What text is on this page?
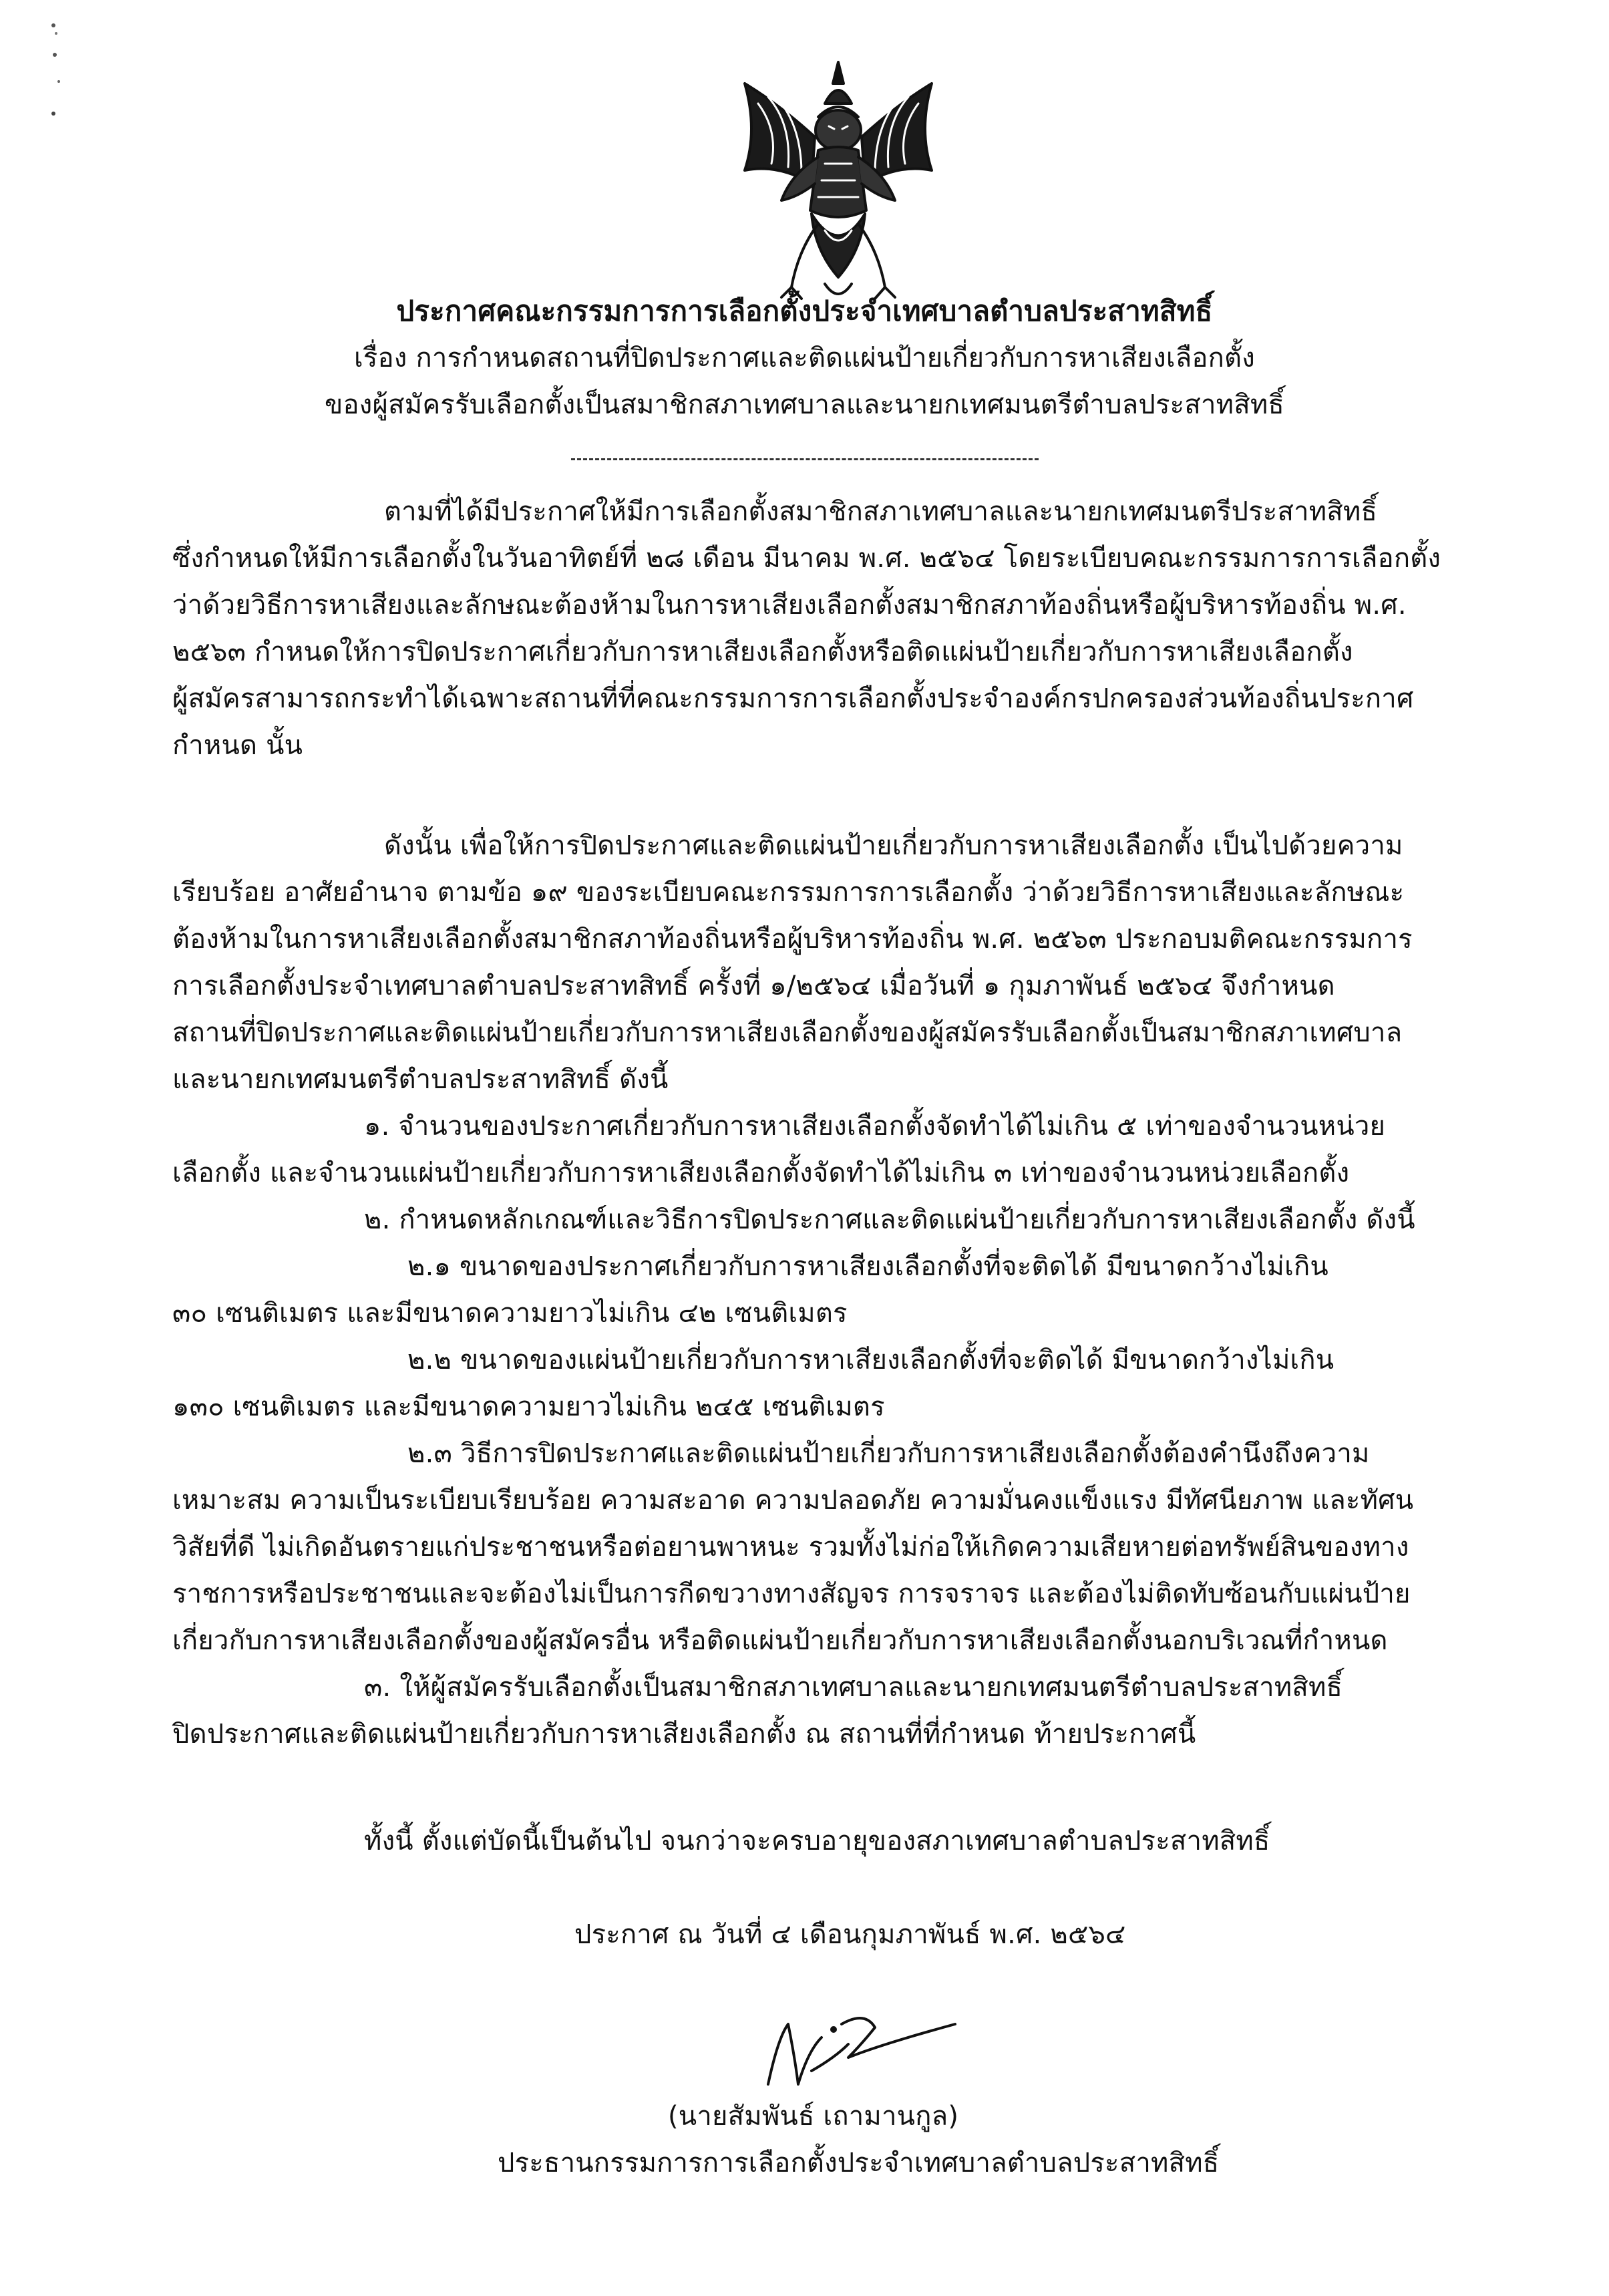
ประกาศคณะกรรมการการเลือกตั้งประจำเทศบาลตำบลประสาทสิทธิ์
เรื่อง การกำหนดสถานที่ปิดประกาศและติดแผ่นป้ายเกี่ยวกับการหาเสียงเลือกตั้ง
ของผู้สมัครรับเลือกตั้งเป็นสมาชิกสภาเทศบาลและนายกเทศมนตรีตำบลประสาทสิทธิ์
ตามที่ได้มีประกาศให้มีการเลือกตั้งสมาชิกสภาเทศบาลและนายกเทศมนตรีประสาทสิทธิ์
ซึ่งกำหนดให้มีการเลือกตั้งในวันอาทิตย์ที่ ๒๘ เดือน มีนาคม พ.ศ. ๒๕๖๔ โดยระเบียบคณะกรรมการการเลือกตั้ง
ว่าด้วยวิธีการหาเสียงและลักษณะต้องห้ามในการหาเสียงเลือกตั้งสมาชิกสภาท้องถิ่นหรือผู้บริหารท้องถิ่น พ.ศ.
๒๕๖๓ กำหนดให้การปิดประกาศเกี่ยวกับการหาเสียงเลือกตั้งหรือติดแผ่นป้ายเกี่ยวกับการหาเสียงเลือกตั้ง
ผู้สมัครสามารถกระทำได้เฉพาะสถานที่ที่คณะกรรมการการเลือกตั้งประจำองค์กรปกครองส่วนท้องถิ่นประกาศ
กำหนด นั้น
ดังนั้น เพื่อให้การปิดประกาศและติดแผ่นป้ายเกี่ยวกับการหาเสียงเลือกตั้ง เป็นไปด้วยความ
เรียบร้อย อาศัยอำนาจ ตามข้อ ๑๙ ของระเบียบคณะกรรมการการเลือกตั้ง ว่าด้วยวิธีการหาเสียงและลักษณะ
ต้องห้ามในการหาเสียงเลือกตั้งสมาชิกสภาท้องถิ่นหรือผู้บริหารท้องถิ่น พ.ศ. ๒๕๖๓ ประกอบมติคณะกรรมการ
การเลือกตั้งประจำเทศบาลตำบลประสาทสิทธิ์ ครั้งที่ ๑/๒๕๖๔ เมื่อวันที่ ๑ กุมภาพันธ์ ๒๕๖๔ จึงกำหนด
สถานที่ปิดประกาศและติดแผ่นป้ายเกี่ยวกับการหาเสียงเลือกตั้งของผู้สมัครรับเลือกตั้งเป็นสมาชิกสภาเทศบาล
และนายกเทศมนตรีตำบลประสาทสิทธิ์ ดังนี้
๑. จำนวนของประกาศเกี่ยวกับการหาเสียงเลือกตั้งจัดทำได้ไม่เกิน ๕ เท่าของจำนวนหน่วย
เลือกตั้ง และจำนวนแผ่นป้ายเกี่ยวกับการหาเสียงเลือกตั้งจัดทำได้ไม่เกิน ๓ เท่าของจำนวนหน่วยเลือกตั้ง
๒. กำหนดหลักเกณฑ์และวิธีการปิดประกาศและติดแผ่นป้ายเกี่ยวกับการหาเสียงเลือกตั้ง ดังนี้
๒.๑ ขนาดของประกาศเกี่ยวกับการหาเสียงเลือกตั้งที่จะติดได้ มีขนาดกว้างไม่เกิน
๓๐ เซนติเมตร และมีขนาดความยาวไม่เกิน ๔๒ เซนติเมตร
๒.๒ ขนาดของแผ่นป้ายเกี่ยวกับการหาเสียงเลือกตั้งที่จะติดได้ มีขนาดกว้างไม่เกิน
๑๓๐ เซนติเมตร และมีขนาดความยาวไม่เกิน ๒๔๕ เซนติเมตร
๒.๓ วิธีการปิดประกาศและติดแผ่นป้ายเกี่ยวกับการหาเสียงเลือกตั้งต้องคำนึงถึงความ
เหมาะสม ความเป็นระเบียบเรียบร้อย ความสะอาด ความปลอดภัย ความมั่นคงแข็งแรง มีทัศนียภาพ และทัศน
วิสัยที่ดี ไม่เกิดอันตรายแก่ประชาชนหรือต่อยานพาหนะ รวมทั้งไม่ก่อให้เกิดความเสียหายต่อทรัพย์สินของทาง
ราชการหรือประชาชนและจะต้องไม่เป็นการกีดขวางทางสัญจร การจราจร และต้องไม่ติดทับซ้อนกับแผ่นป้าย
เกี่ยวกับการหาเสียงเลือกตั้งของผู้สมัครอื่น หรือติดแผ่นป้ายเกี่ยวกับการหาเสียงเลือกตั้งนอกบริเวณที่กำหนด
๓. ให้ผู้สมัครรับเลือกตั้งเป็นสมาชิกสภาเทศบาลและนายกเทศมนตรีตำบลประสาทสิทธิ์
ปิดประกาศและติดแผ่นป้ายเกี่ยวกับการหาเสียงเลือกตั้ง ณ สถานที่ที่กำหนด ท้ายประกาศนี้
ทั้งนี้ ตั้งแต่บัดนี้เป็นต้นไป จนกว่าจะครบอายุของสภาเทศบาลตำบลประสาทสิทธิ์
ประกาศ ณ วันที่ ๔ เดือนกุมภาพันธ์ พ.ศ. ๒๕๖๔
(นายสัมพันธ์ เถามานกูล)
ประธานกรรมการการเลือกตั้งประจำเทศบาลตำบลประสาทสิทธิ์
